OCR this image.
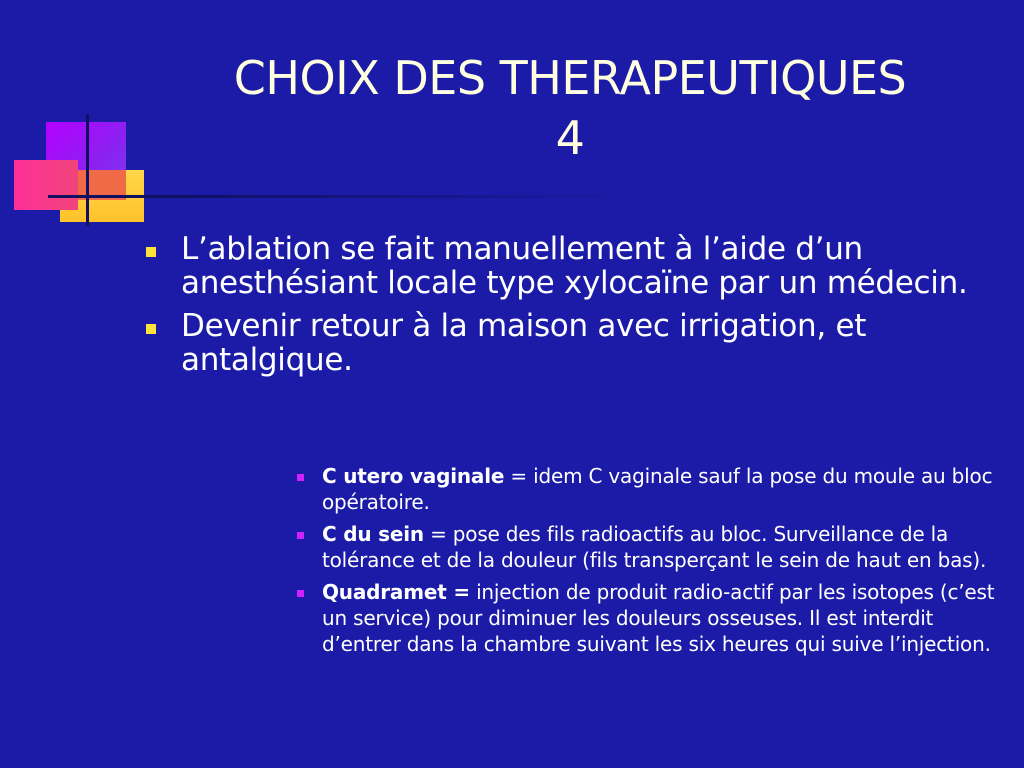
CHOIX DES THERAPEUTIQUES
4
L’ablation se fait manuellement à l’aide d’un anesthésiant locale type xylocaïne par un médecin.
Devenir retour à la maison avec irrigation, et antalgique.
C utero vaginale = idem C vaginale sauf la pose du moule au bloc opératoire.
C du sein = pose des fils radioactifs au bloc. Surveillance de la tolérance et de la douleur (fils transperçant le sein de haut en bas).
Quadramet = injection de produit radio-actif par les isotopes (c’est un service) pour diminuer les douleurs osseuses. Il est interdit d’entrer dans la chambre suivant les six heures qui suive l’injection.
